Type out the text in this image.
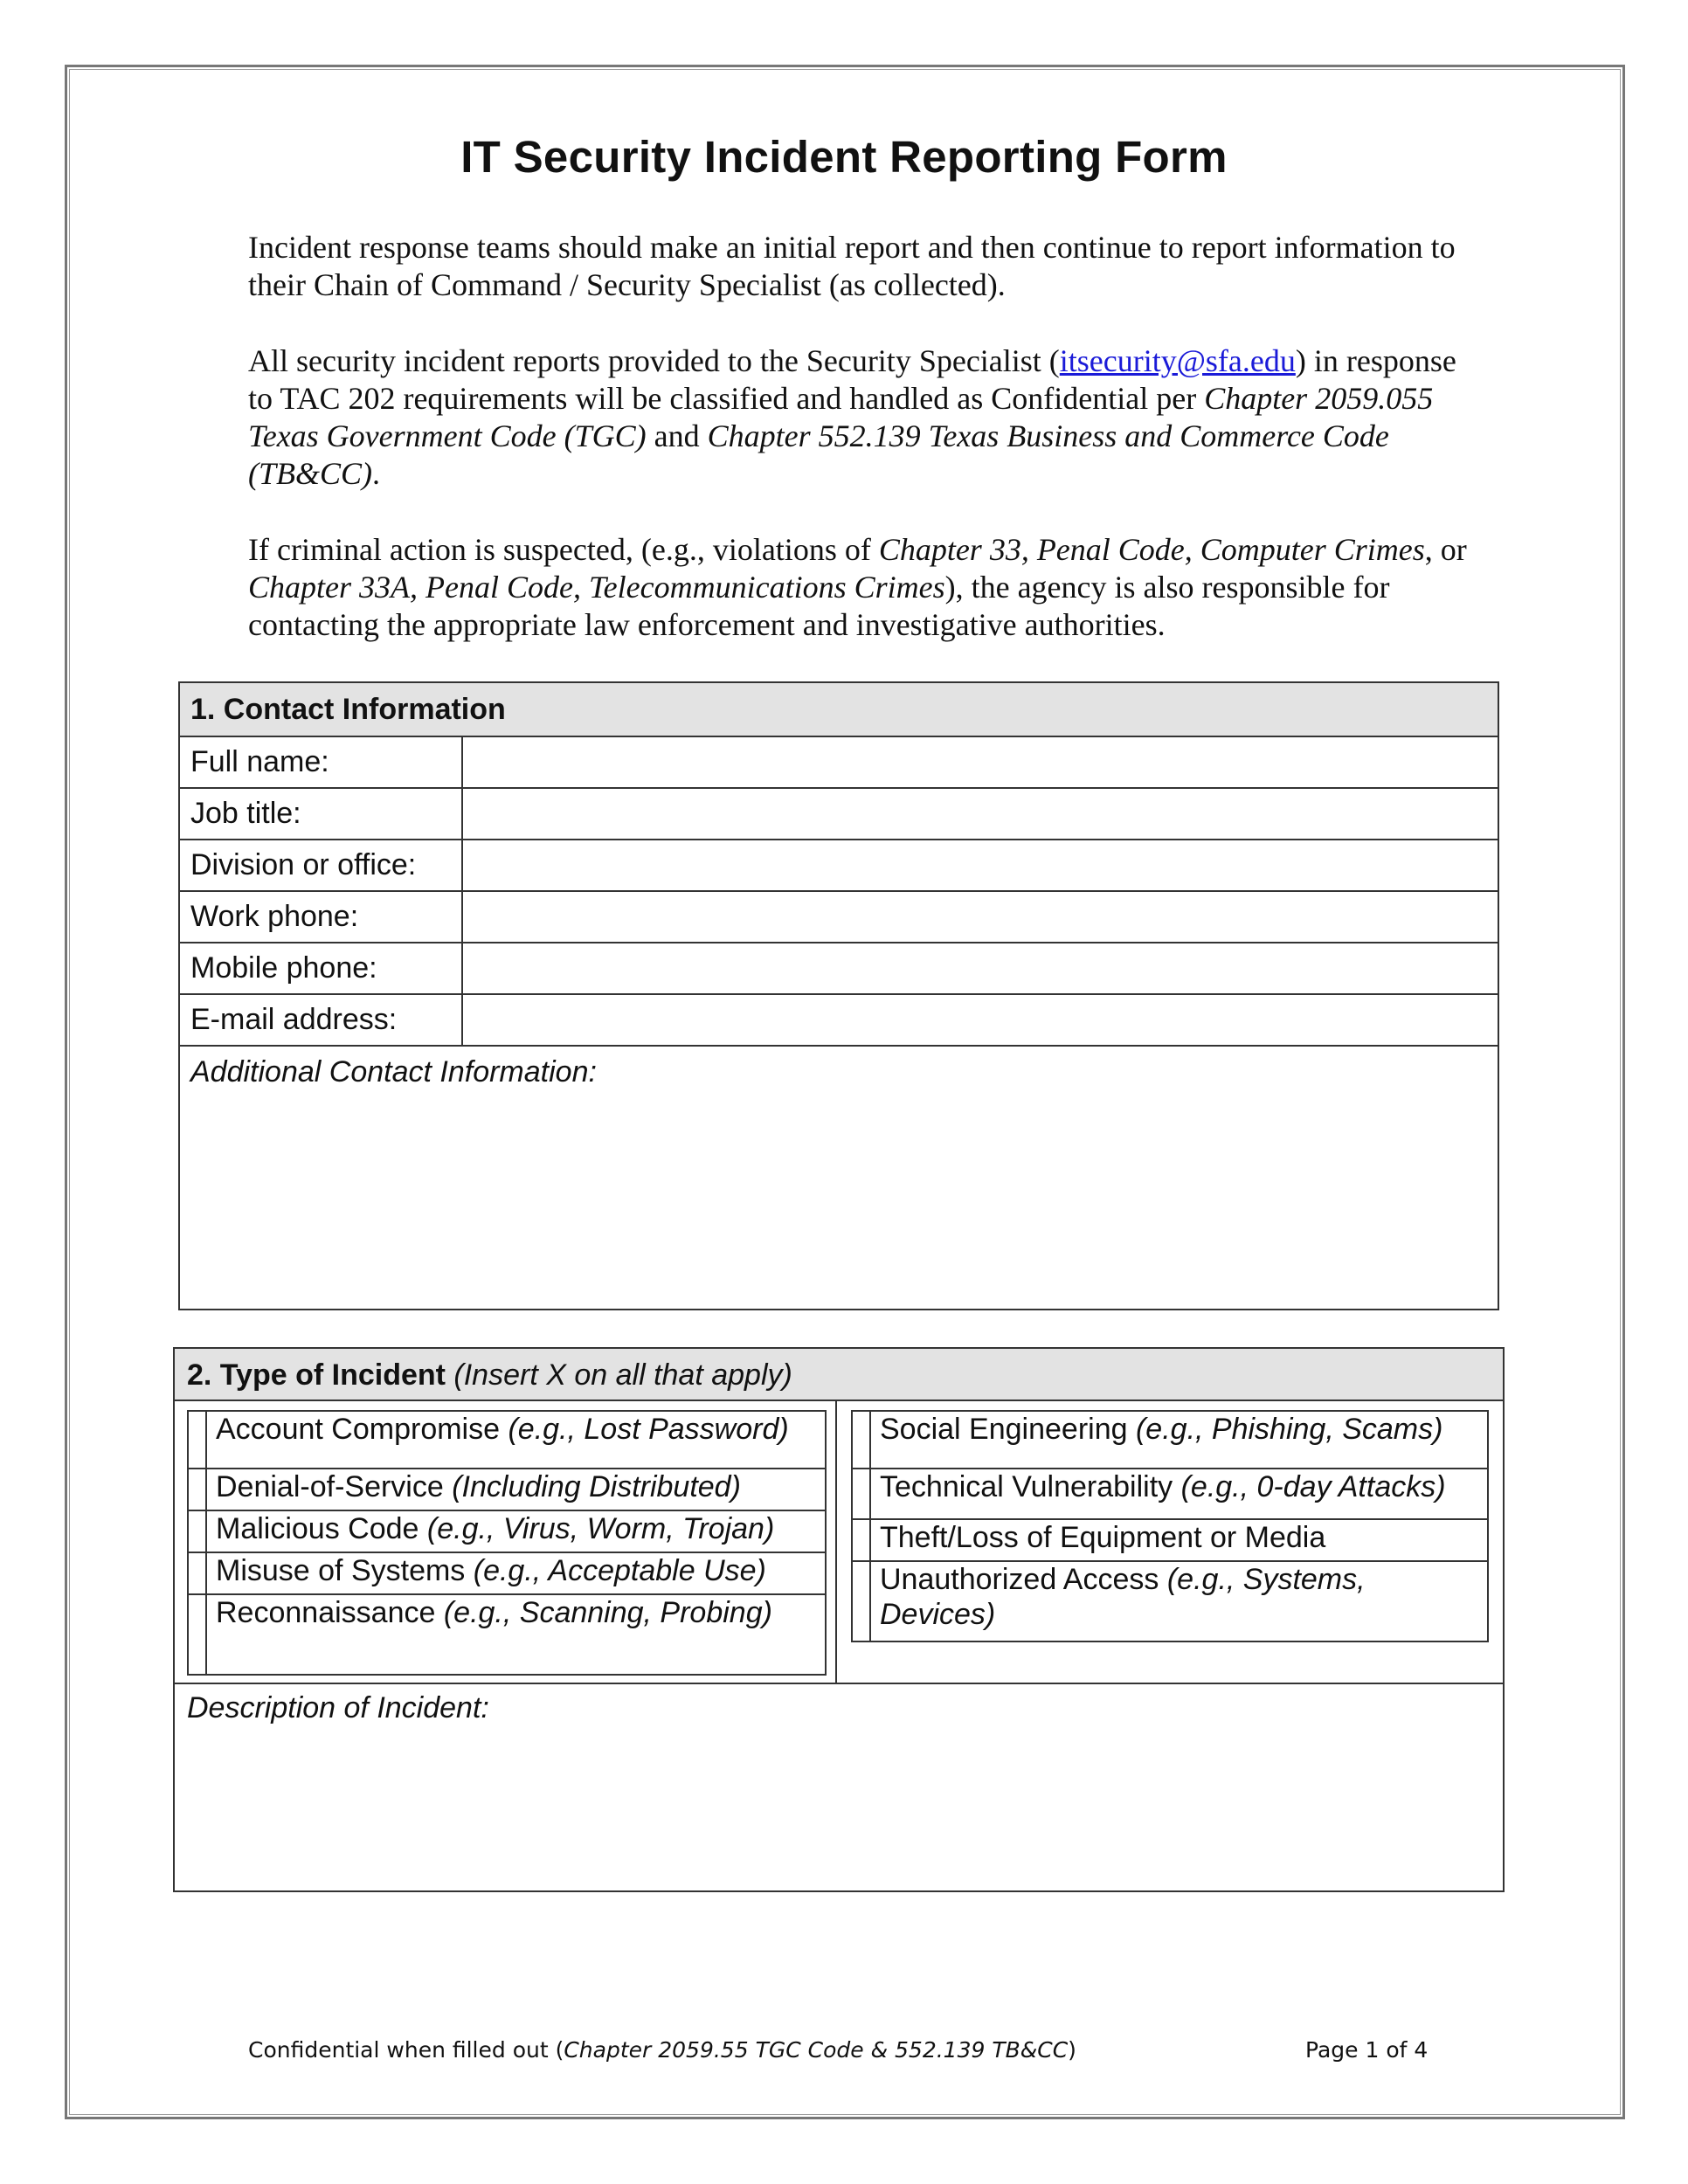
IT Security Incident Reporting Form

Incident response teams should make an initial report and then continue to report information to their Chain of Command / Security Specialist (as collected).

All security incident reports provided to the Security Specialist (itsecurity@sfa.edu) in response to TAC 202 requirements will be classified and handled as Confidential per Chapter 2059.055 Texas Government Code (TGC) and Chapter 552.139 Texas Business and Commerce Code (TB&CC).

If criminal action is suspected, (e.g., violations of Chapter 33, Penal Code, Computer Crimes, or Chapter 33A, Penal Code, Telecommunications Crimes), the agency is also responsible for contacting the appropriate law enforcement and investigative authorities.

1. Contact Information	
Full name:	
Job title:	
Division or office:	
Work phone:	
Mobile phone:	
E-mail address:	
Additional Contact Information:	
2. Type of Incident (Insert X on all that apply)
	Account Compromise (e.g., Lost Password)
	Denial-of-Service (Including Distributed)
	Malicious Code (e.g., Virus, Worm, Trojan)
	Misuse of Systems (e.g., Acceptable Use)
	Reconnaissance (e.g., Scanning, Probing)
	Social Engineering (e.g., Phishing, Scams)
	Technical Vulnerability (e.g., 0-day Attacks)
	Theft/Loss of Equipment or Media
	Unauthorized Access (e.g., Systems, Devices)
Description of Incident:
Confidential when filled out (Chapter 2059.55 TGC Code & 552.139 TB&CC)	Page 1 of 4
